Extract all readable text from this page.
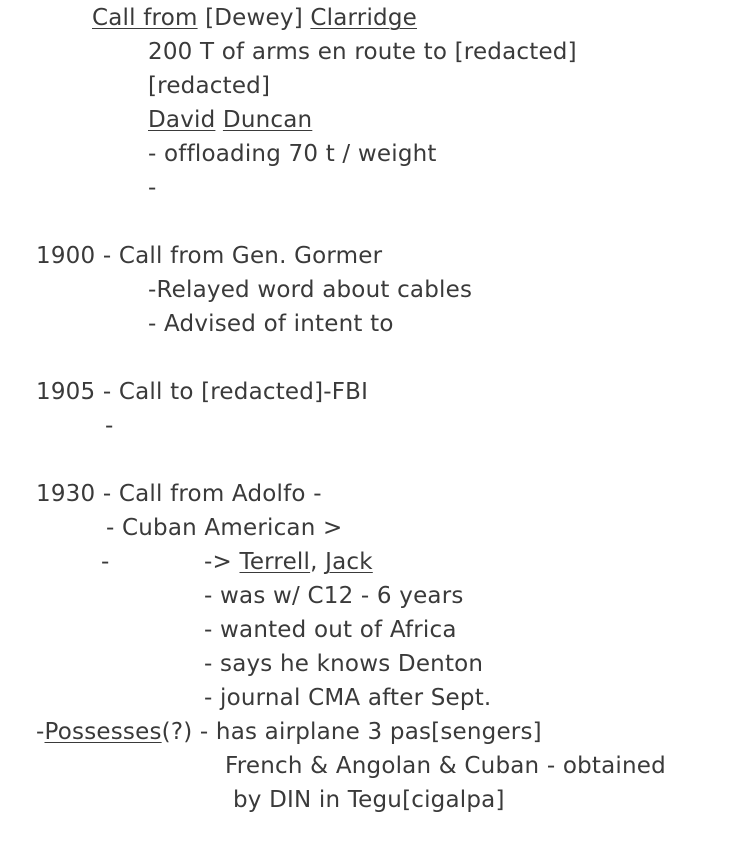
Call from [Dewey] Clarridge
200 T of arms en route to [redacted]
[redacted]
David Duncan
- offloading 70 t / weight
-
1900 - Call from Gen. Gormer
-Relayed word about cables
- Advised of intent to
1905 - Call to [redacted]-FBI
-
1930 - Call from Adolfo -
- Cuban American >
-	-> Terrell, Jack
- was w/ C12 - 6 years
- wanted out of Africa
- says he knows Denton
- journal CMA after Sept.
-Possesses(?) - has airplane 3 pas[sengers]
French & Angolan & Cuban - obtained
by DIN in Tegu[cigalpa]
